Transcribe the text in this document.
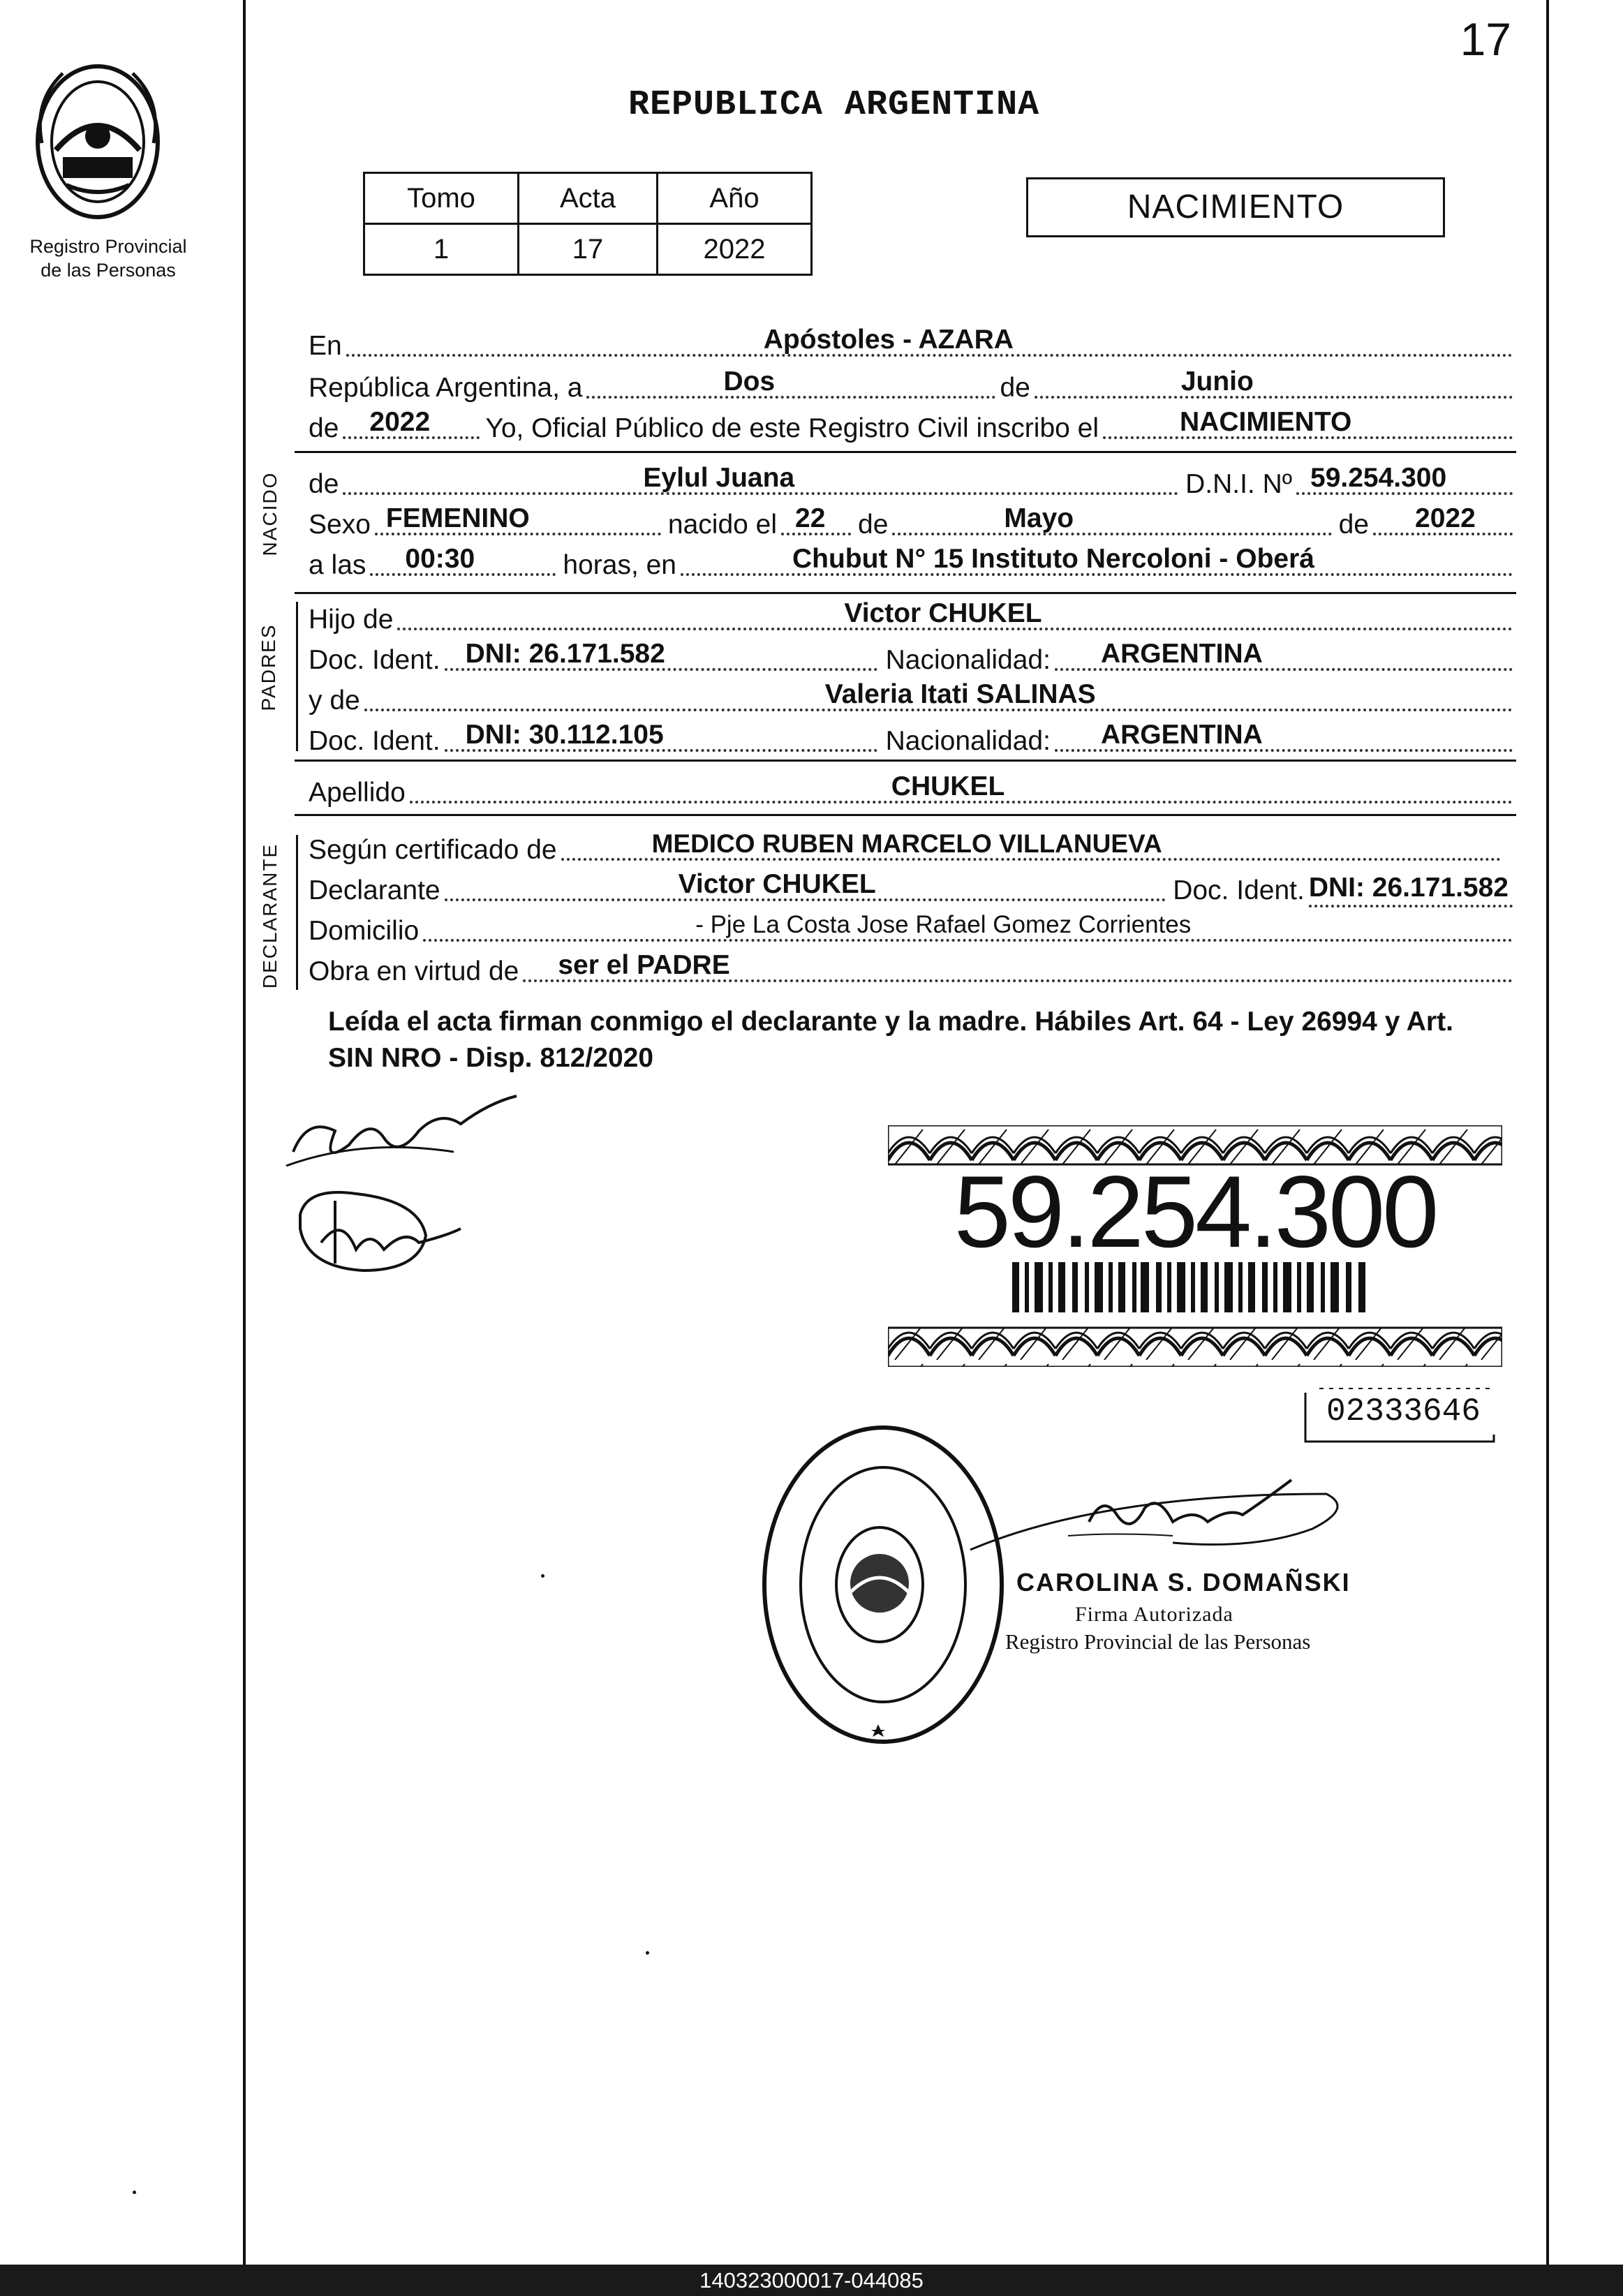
Registro Provincial
de las Personas
17
REPUBLICA ARGENTINA
Tomo	Acta	Año
1	17	2022
NACIMIENTO
En	Apóstoles - AZARA
República Argentina, a	Dos	de	Junio
de 2022 Yo, Oficial Público de este Registro Civil inscribo el	NACIMIENTO
NACIDO de	Eylul Juana	D.N.I. Nº 59.254.300
Sexo FEMENINO	nacido el 22 de	Mayo	de 2022
a las 00:30	horas, en	Chubut N° 15 Instituto Nercoloni - Oberá
PADRES
Hijo de	Victor CHUKEL
Doc. Ident. DNI: 26.171.582	Nacionalidad: ARGENTINA
y de	Valeria Itati SALINAS
Doc. Ident. DNI: 30.112.105	Nacionalidad: ARGENTINA
Apellido	CHUKEL
DECLARANTE Según certificado de	MEDICO RUBEN MARCELO VILLANUEVA
Declarante	Victor CHUKEL	Doc. Ident. DNI: 26.171.582
Domicilio	- Pje La Costa Jose Rafael Gomez Corrientes
Obra en virtud de ser el PADRE
Leída el acta firman conmigo el declarante y la madre. Hábiles Art. 64 - Ley 26994 y Art. SIN NRO - Disp. 812/2020
59.254.300
02333646
CAROLINA S. DOMAÑSKI
Firma Autorizada
Registro Provincial de las Personas
140323000017-044085
